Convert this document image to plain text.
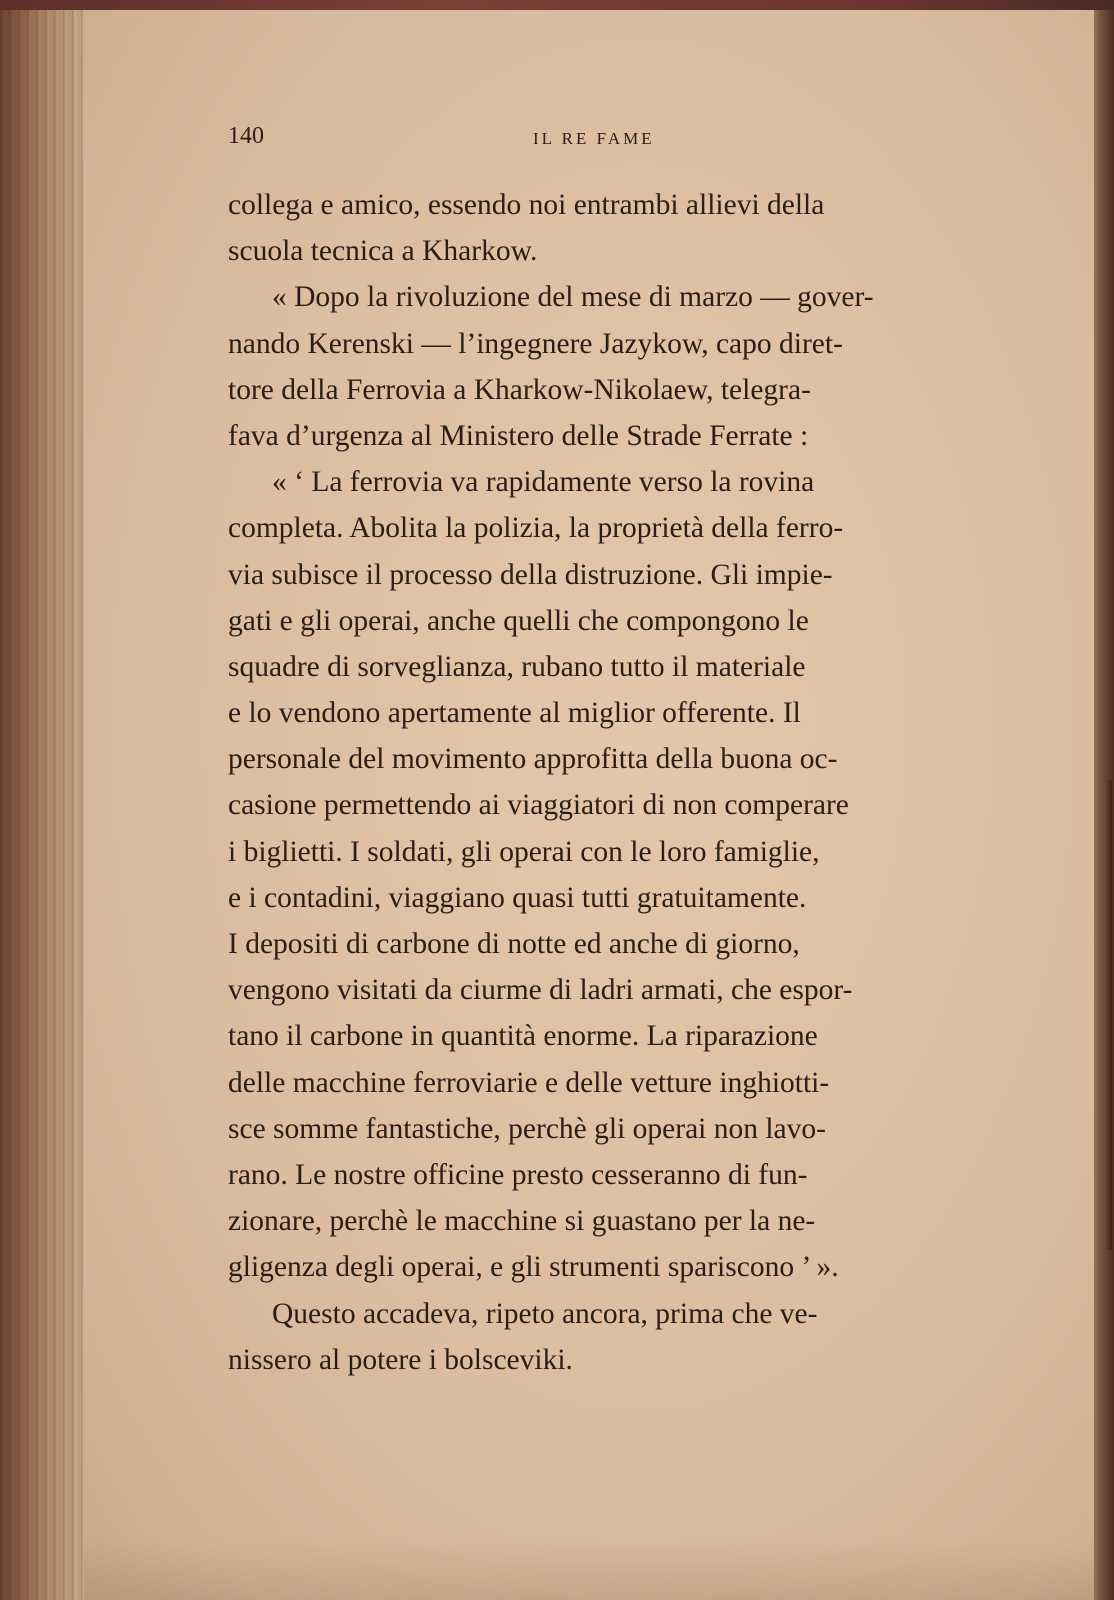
140	IL RE FAME
collega e amico, essendo noi entrambi allievi della
scuola tecnica a Kharkow.
« Dopo la rivoluzione del mese di marzo — gover-
nando Kerenski — l’ingegnere Jazykow, capo diret-
tore della Ferrovia a Kharkow-Nikolaew, telegra-
fava d’urgenza al Ministero delle Strade Ferrate :
« ‘ La ferrovia va rapidamente verso la rovina
completa. Abolita la polizia, la proprietà della ferro-
via subisce il processo della distruzione. Gli impie-
gati e gli operai, anche quelli che compongono le
squadre di sorveglianza, rubano tutto il materiale
e lo vendono apertamente al miglior offerente. Il
personale del movimento approfitta della buona oc-
casione permettendo ai viaggiatori di non comperare
i biglietti. I soldati, gli operai con le loro famiglie,
e i contadini, viaggiano quasi tutti gratuitamente.
I depositi di carbone di notte ed anche di giorno,
vengono visitati da ciurme di ladri armati, che espor-
tano il carbone in quantità enorme. La riparazione
delle macchine ferroviarie e delle vetture inghiotti-
sce somme fantastiche, perchè gli operai non lavo-
rano. Le nostre officine presto cesseranno di fun-
zionare, perchè le macchine si guastano per la ne-
gligenza degli operai, e gli strumenti spariscono ’ ».
Questo accadeva, ripeto ancora, prima che ve-
nissero al potere i bolsceviki.
